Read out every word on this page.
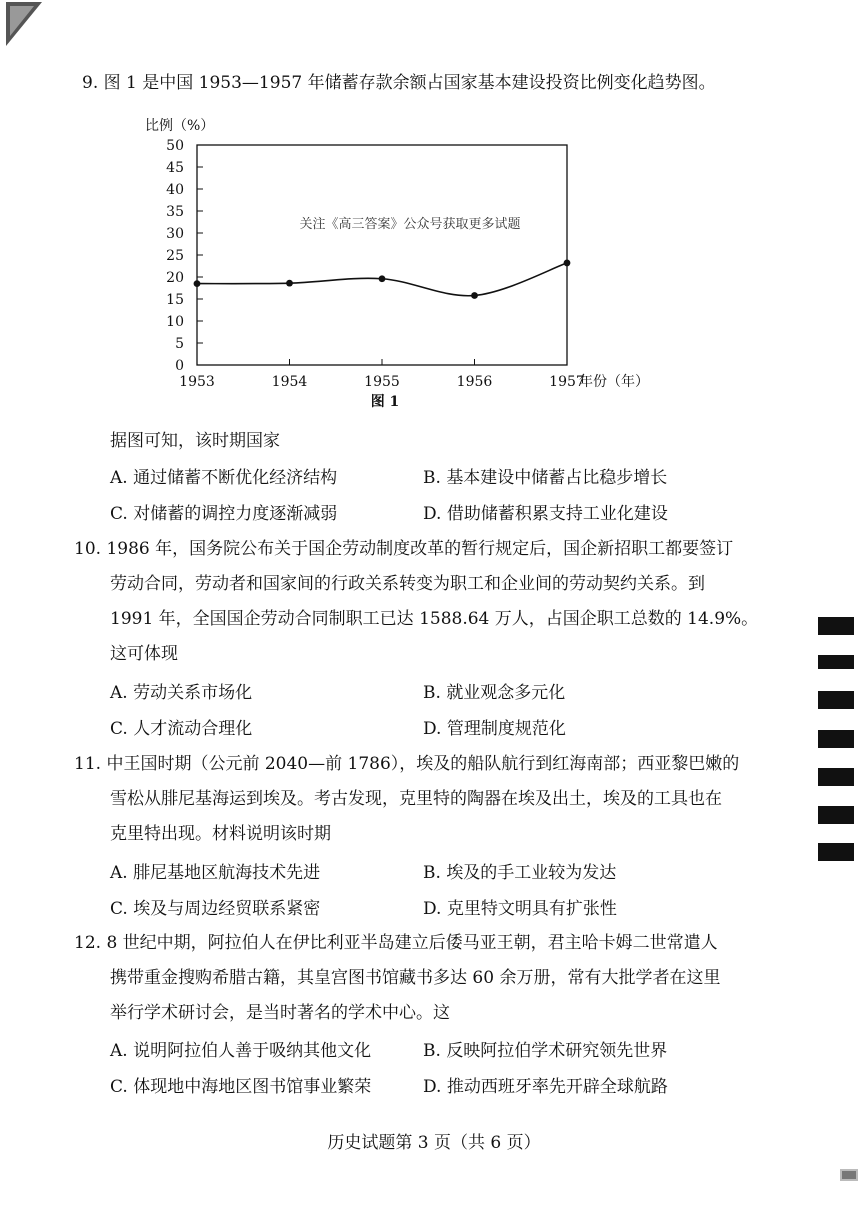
9. 图 1 是中国 1953—1957 年储蓄存款余额占国家基本建设投资比例变化趋势图。
0
5
10
15
20
25
30
35
40
45
50
1953	1954	1955	1956	1957
比例（%）
年份（年）
图 1
关注《高三答案》公众号获取更多试题
据图可知，该时期国家
A. 通过储蓄不断优化经济结构	B. 基本建设中储蓄占比稳步增长
C. 对储蓄的调控力度逐渐减弱	D. 借助储蓄积累支持工业化建设
10. 1986 年，国务院公布关于国企劳动制度改革的暂行规定后，国企新招职工都要签订
劳动合同，劳动者和国家间的行政关系转变为职工和企业间的劳动契约关系。到
1991 年，全国国企劳动合同制职工已达 1588.64 万人，占国企职工总数的 14.9%。
这可体现
A. 劳动关系市场化	B. 就业观念多元化
C. 人才流动合理化	D. 管理制度规范化
11. 中王国时期（公元前 2040—前 1786），埃及的船队航行到红海南部；西亚黎巴嫩的
雪松从腓尼基海运到埃及。考古发现，克里特的陶器在埃及出土，埃及的工具也在
克里特出现。材料说明该时期
A. 腓尼基地区航海技术先进	B. 埃及的手工业较为发达
C. 埃及与周边经贸联系紧密	D. 克里特文明具有扩张性
12. 8 世纪中期，阿拉伯人在伊比利亚半岛建立后倭马亚王朝，君主哈卡姆二世常遣人
携带重金搜购希腊古籍，其皇宫图书馆藏书多达 60 余万册，常有大批学者在这里
举行学术研讨会，是当时著名的学术中心。这
A. 说明阿拉伯人善于吸纳其他文化	B. 反映阿拉伯学术研究领先世界
C. 体现地中海地区图书馆事业繁荣	D. 推动西班牙率先开辟全球航路
历史试题第 3 页（共 6 页）
